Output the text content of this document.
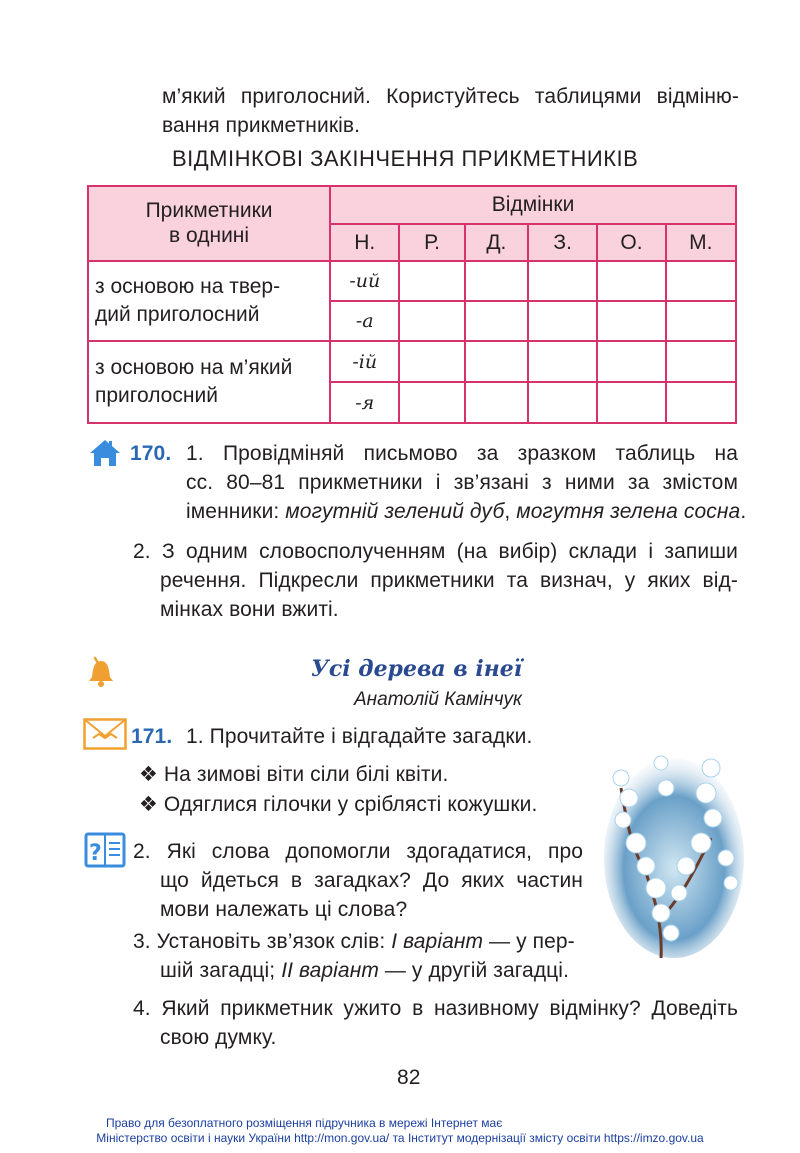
м’який приголосний. Користуйтесь таблицями відміню-
вання прикметників.
ВІДМІНКОВІ ЗАКІНЧЕННЯ ПРИКМЕТНИКІВ
Прикметники
в однині	Відмінки					
	Н.	Р.	Д.	З.	О.	М.

з основою на твер-
дий приголосний	-ий					
	-а					

з основою на м’який
приголосний	-ій					
	-я					
170. 1. Провідміняй письмово за зразком таблиць на
сс. 80–81 прикметники і зв’язані з ними за змістом
іменники: могутній зелений дуб, могутня зелена сосна.
2. З одним словосполученням (на вибір) склади і запиши
речення. Підкресли прикметники та визнач, у яких від-
мінках вони вжиті.
Усі дерева в інеї
Анатолій Камінчук
171. 1. Прочитайте і відгадайте загадки.
❖ На зимові віти сіли білі квіти.
❖ Одяглися гілочки у сріблясті кожушки.
? 2. Які слова допомогли здогадатися, про
що йдеться в загадках? До яких частин
мови належать ці слова?
3. Установіть зв’язок слів: І варіант — у пер-
шій загадці; ІІ варіант — у другій загадці.
4. Який прикметник ужито в називному відмінку? Доведіть
свою думку.
82
Право для безоплатного розміщення підручника в мережі Інтернет має
Міністерство освіти і науки України http://mon.gov.ua/ та Інститут модернізації змісту освіти https://imzo.gov.ua
